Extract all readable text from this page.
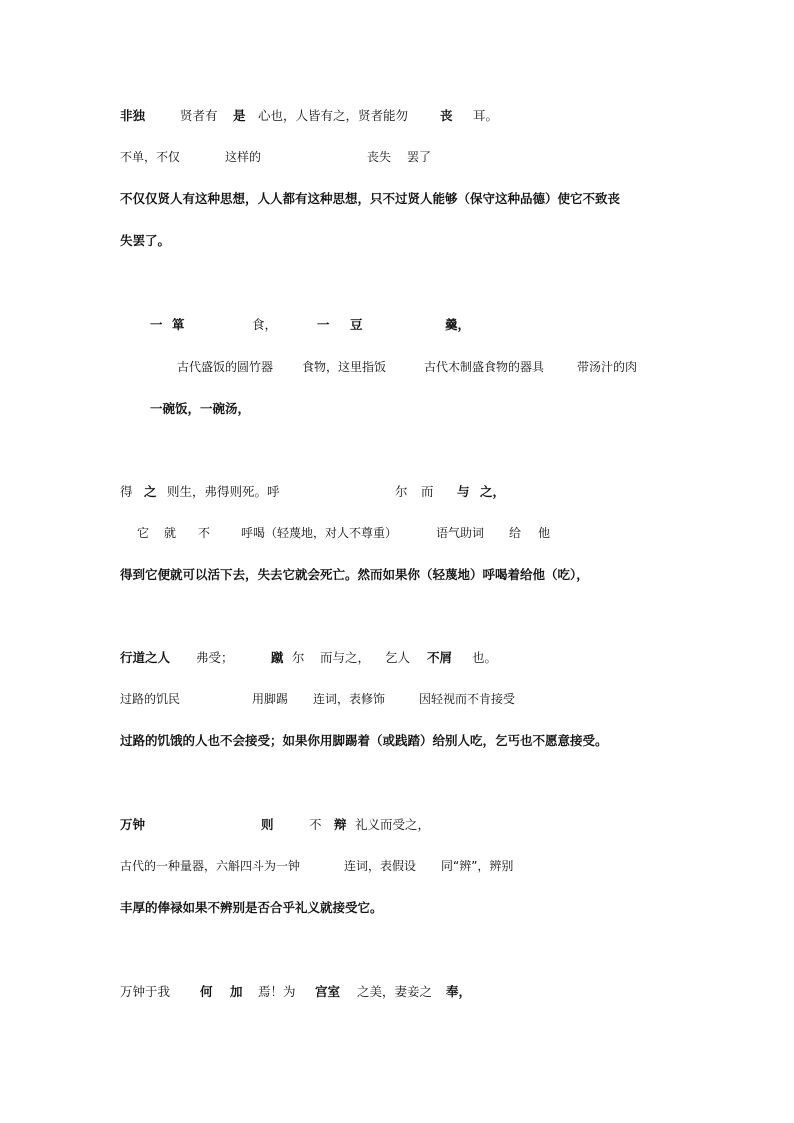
非独	贤者有 是 心也，人皆有之，贤者能勿	丧 耳。
不单，不仅	这样的	丧失 罢了
不仅仅贤人有这种思想，人人都有这种思想，只不过贤人能够（保守这种品德）使它不致丧
失罢了。
一 箪	食，	一 豆	羹，
古代盛饭的圆竹器 食物，这里指饭	古代木制盛食物的器具	带汤汁的肉
一碗饭，一碗汤，
得 之 则生，弗得则死。呼	尔 而 与 之，
它 就 不	呼喝（轻蔑地，对人不尊重）	语气助词 给 他
得到它便就可以活下去，失去它就会死亡。然而如果你（轻蔑地）呼喝着给他（吃），
行道之人 弗受；	蹴 尔 而与之， 乞人 不屑 也。
过路的饥民	用脚踢 连词，表修饰	因轻视而不肯接受
过路的饥饿的人也不会接受；如果你用脚踢着（或践踏）给别人吃，乞丐也不愿意接受。
万钟	则	不 辩 礼义而受之，
古代的一种量器，六斛四斗为一钟	连词，表假设 同“辨”，辨别
丰厚的俸禄如果不辨别是否合乎礼义就接受它。
万钟于我 何 加 焉！为 宫室 之美，妻妾之 奉，
